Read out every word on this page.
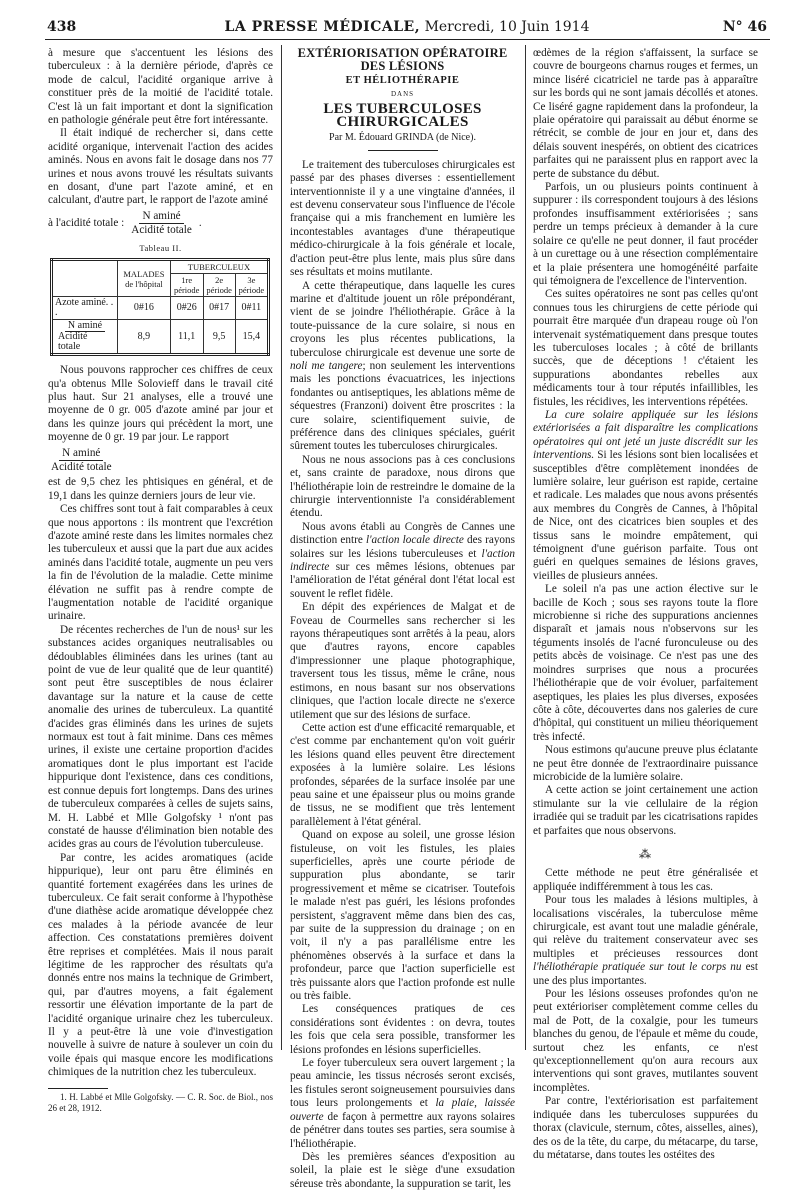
438	LA PRESSE MÉDICALE, Mercredi, 10 Juin 1914	N° 46

à mesure que s'accentuent les lésions des tuberculeux : à la dernière période, d'après ce mode de calcul, l'acidité organique arrive à constituer près de la moitié de l'acidité totale. C'est là un fait important et dont la signification en pathologie générale peut être fort intéressante.

Il était indiqué de rechercher si, dans cette acidité organique, intervenait l'action des acides aminés. Nous en avons fait le dosage dans nos 77 urines et nous avons trouvé les résultats suivants en dosant, d'une part l'azote aminé, et en calculant, d'autre part, le rapport de l'azote aminé

à l'acidité totale : $\frac{\text{N aminé}}{\text{Acidité totale}}$ .
Tableau II.
	MALADES de l'hôpital	TUBERCULEUX		
		1re période	2e période	3e période
Azote aminé. . .	0#16	0#26	0#17	0#11

$\frac{\text{N aminé}}{\text{Acidité totale}}$	8,9	11,1	9,5	15,4

Nous pouvons rapprocher ces chiffres de ceux qu'a obtenus Mlle Solovieff dans le travail cité plus haut. Sur 21 analyses, elle a trouvé une moyenne de 0 gr. 005 d'azote aminé par jour et dans les quinze jours qui précèdent la mort, une moyenne de 0 gr. 19 par jour. Le rapport

$\frac{\text{N aminé}}{\text{Acidité totale}}$

est de 9,5 chez les phtisiques en général, et de 19,1 dans les quinze derniers jours de leur vie.

Ces chiffres sont tout à fait comparables à ceux que nous apportons : ils montrent que l'excrétion d'azote aminé reste dans les limites normales chez les tuberculeux et aussi que la part due aux acides aminés dans l'acidité totale, augmente un peu vers la fin de l'évolution de la maladie. Cette minime élévation ne suffit pas à rendre compte de l'augmentation notable de l'acidité organique urinaire.

De récentes recherches de l'un de nous¹ sur les substances acides organiques neutralisables ou dédoublables éliminées dans les urines (tant au point de vue de leur qualité que de leur quantité) sont peut être susceptibles de nous éclairer davantage sur la nature et la cause de cette anomalie des urines de tuberculeux. La quantité d'acides gras éliminés dans les urines de sujets normaux est tout à fait minime. Dans ces mêmes urines, il existe une certaine proportion d'acides aromatiques dont le plus important est l'acide hippurique dont l'existence, dans ces conditions, est connue depuis fort longtemps. Dans des urines de tuberculeux comparées à celles de sujets sains, M. H. Labbé et Mlle Golgofsky ¹ n'ont pas constaté de hausse d'élimination bien notable des acides gras au cours de l'évolution tuberculeuse.

Par contre, les acides aromatiques (acide hippurique), leur ont paru être éliminés en quantité fortement exagérées dans les urines de tuberculeux. Ce fait serait conforme à l'hypothèse d'une diathèse acide aromatique développée chez ces malades à la période avancée de leur affection. Ces constatations premières doivent être reprises et complétées. Mais il nous parait légitime de les rapprocher des résultats qu'a donnés entre nos mains la technique de Grimbert, qui, par d'autres moyens, a fait également ressortir une élévation importante de la part de l'acidité organique urinaire chez les tuberculeux. Il y a peut-être là une voie d'investigation nouvelle à suivre de nature à soulever un coin du voile épais qui masque encore les modifications chimiques de la nutrition chez les tuberculeux.

1. H. Labbé et Mlle Golgofsky. — C. R. Soc. de Biol., nos 26 et 28, 1912.

EXTÉRIORISATION OPÉRATOIRE DES LÉSIONS
ET HÉLIOTHÉRAPIE
DANS
LES TUBERCULOSES CHIRURGICALES
Par M. Édouard GRINDA (de Nice).

Le traitement des tuberculoses chirurgicales est passé par des phases diverses : essentiellement interventionniste il y a une vingtaine d'années, il est devenu conservateur sous l'influence de l'école française qui a mis franchement en lumière les incontestables avantages d'une thérapeutique médico-chirurgicale à la fois générale et locale, d'action peut-être plus lente, mais plus sûre dans ses résultats et moins mutilante.

A cette thérapeutique, dans laquelle les cures marine et d'altitude jouent un rôle prépondérant, vient de se joindre l'héliothérapie. Grâce à la toute-puissance de la cure solaire, si nous en croyons les plus récentes publications, la tuberculose chirurgicale est devenue une sorte de noli me tangere; non seulement les interventions mais les ponctions évacuatrices, les injections fondantes ou antiseptiques, les ablations même de séquestres (Franzoni) doivent être proscrites : la cure solaire, scientifiquement suivie, de préférence dans des cliniques spéciales, guérit sûrement toutes les tuberculoses chirurgicales.

Nous ne nous associons pas à ces conclusions et, sans crainte de paradoxe, nous dirons que l'héliothérapie loin de restreindre le domaine de la chirurgie interventionniste l'a considérablement étendu.

Nous avons établi au Congrès de Cannes une distinction entre l'action locale directe des rayons solaires sur les lésions tuberculeuses et l'action indirecte sur ces mêmes lésions, obtenues par l'amélioration de l'état général dont l'état local est souvent le reflet fidèle.

En dépit des expériences de Malgat et de Foveau de Courmelles sans rechercher si les rayons thérapeutiques sont arrêtés à la peau, alors que d'autres rayons, encore capables d'impressionner une plaque photographique, traversent tous les tissus, même le crâne, nous estimons, en nous basant sur nos observations cliniques, que l'action locale directe ne s'exerce utilement que sur des lésions de surface.

Cette action est d'une efficacité remarquable, et c'est comme par enchantement qu'on voit guérir les lésions quand elles peuvent être directement exposées à la lumière solaire. Les lésions profondes, séparées de la surface insolée par une peau saine et une épaisseur plus ou moins grande de tissus, ne se modifient que très lentement parallèlement à l'état général.

Quand on expose au soleil, une grosse lésion fistuleuse, on voit les fistules, les plaies superficielles, après une courte période de suppuration plus abondante, se tarir progressivement et même se cicatriser. Toutefois le malade n'est pas guéri, les lésions profondes persistent, s'aggravent même dans bien des cas, par suite de la suppression du drainage ; on en voit, il n'y a pas parallélisme entre les phénomènes observés à la surface et dans la profondeur, parce que l'action superficielle est très puissante alors que l'action profonde est nulle ou très faible.

Les conséquences pratiques de ces considérations sont évidentes : on devra, toutes les fois que cela sera possible, transformer les lésions profondes en lésions superficielles.

Le foyer tuberculeux sera ouvert largement ; la peau amincie, les tissus nécrosés seront excisés, les fistules seront soigneusement poursuivies dans tous leurs prolongements et la plaie, laissée ouverte de façon à permettre aux rayons solaires de pénétrer dans toutes ses parties, sera soumise à l'héliothérapie.

Dès les premières séances d'exposition au soleil, la plaie est le siège d'une exsudation séreuse très abondante, la suppuration se tarit, les

œdèmes de la région s'affaissent, la surface se couvre de bourgeons charnus rouges et fermes, un mince liséré cicatriciel ne tarde pas à apparaître sur les bords qui ne sont jamais décollés et atones. Ce liséré gagne rapidement dans la profondeur, la plaie opératoire qui paraissait au début énorme se rétrécit, se comble de jour en jour et, dans des délais souvent inespérés, on obtient des cicatrices parfaites qui ne paraissent plus en rapport avec la perte de substance du début.

Parfois, un ou plusieurs points continuent à suppurer : ils correspondent toujours à des lésions profondes insuffisamment extériorisées ; sans perdre un temps précieux à demander à la cure solaire ce qu'elle ne peut donner, il faut procéder à un curettage ou à une résection complémentaire et la plaie présentera une homogénéité parfaite qui témoignera de l'excellence de l'intervention.

Ces suites opératoires ne sont pas celles qu'ont connues tous les chirurgiens de cette période qui pourrait être marquée d'un drapeau rouge où l'on intervenait systématiquement dans presque toutes les tuberculoses locales ; à côté de brillants succès, que de déceptions ! c'étaient les suppurations abondantes rebelles aux médicaments tour à tour réputés infaillibles, les fistules, les récidives, les interventions répétées.

La cure solaire appliquée sur les lésions extériorisées a fait disparaître les complications opératoires qui ont jeté un juste discrédit sur les interventions. Si les lésions sont bien localisées et susceptibles d'être complètement inondées de lumière solaire, leur guérison est rapide, certaine et radicale. Les malades que nous avons présentés aux membres du Congrès de Cannes, à l'hôpital de Nice, ont des cicatrices bien souples et des tissus sans le moindre empâtement, qui témoignent d'une guérison parfaite. Tous ont guéri en quelques semaines de lésions graves, vieilles de plusieurs années.

Le soleil n'a pas une action élective sur le bacille de Koch ; sous ses rayons toute la flore microbienne si riche des suppurations anciennes disparaît et jamais nous n'observons sur les téguments insolés de l'acné furonculeuse ou des petits abcès de voisinage. Ce n'est pas une des moindres surprises que nous a procurées l'héliothérapie que de voir évoluer, parfaitement aseptiques, les plaies les plus diverses, exposées côte à côte, découvertes dans nos galeries de cure d'hôpital, qui constituent un milieu théoriquement très infecté.

Nous estimons qu'aucune preuve plus éclatante ne peut être donnée de l'extraordinaire puissance microbicide de la lumière solaire.

A cette action se joint certainement une action stimulante sur la vie cellulaire de la région irradiée qui se traduit par les cicatrisations rapides et parfaites que nous observons.

⁂

Cette méthode ne peut être généralisée et appliquée indifféremment à tous les cas.

Pour tous les malades à lésions multiples, à localisations viscérales, la tuberculose même chirurgicale, est avant tout une maladie générale, qui relève du traitement conservateur avec ses multiples et précieuses ressources dont l'héliothérapie pratiquée sur tout le corps nu est une des plus importantes.

Pour les lésions osseuses profondes qu'on ne peut extérioriser complètement comme celles du mal de Pott, de la coxalgie, pour les tumeurs blanches du genou, de l'épaule et même du coude, surtout chez les enfants, ce n'est qu'exceptionnellement qu'on aura recours aux interventions qui sont graves, mutilantes souvent incomplètes.

Par contre, l'extériorisation est parfaitement indiquée dans les tuberculoses suppurées du thorax (clavicule, sternum, côtes, aisselles, aines), des os de la tête, du carpe, du métacarpe, du tarse, du métatarse, dans toutes les ostéites des
